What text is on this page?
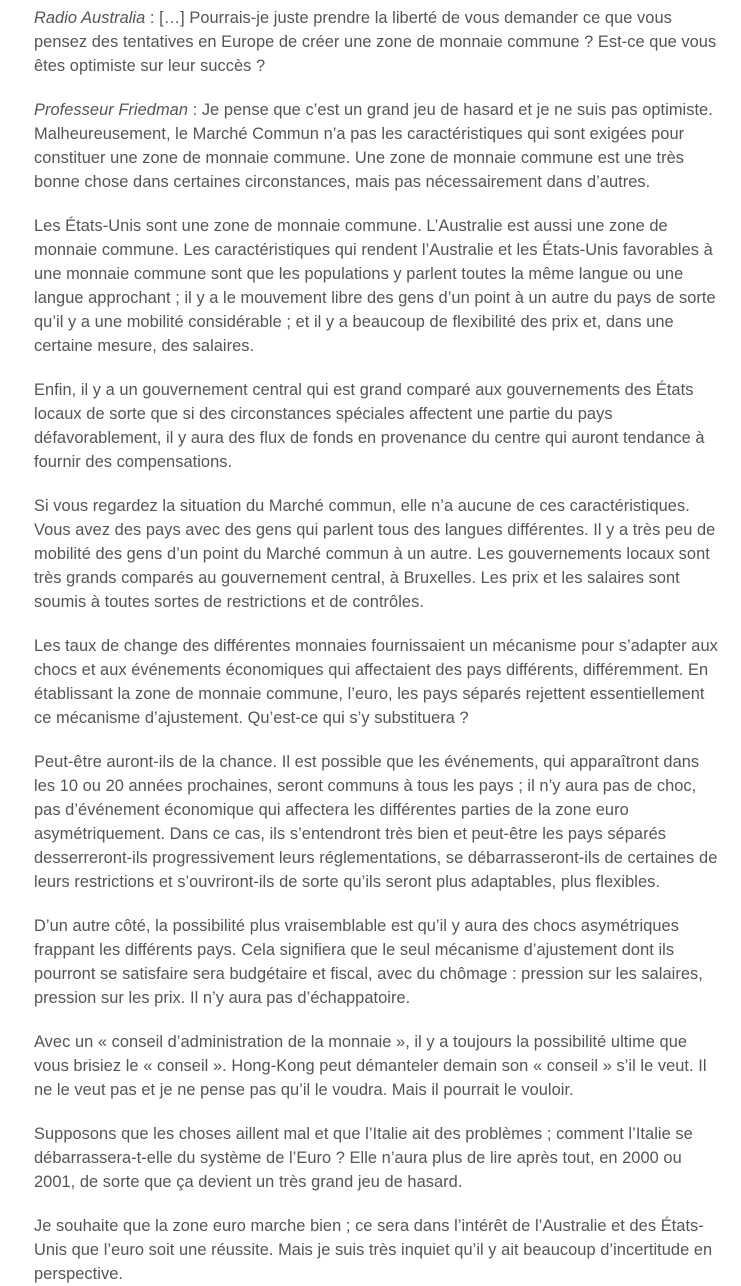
Radio Australia : […] Pourrais-je juste prendre la liberté de vous demander ce que vous pensez des tentatives en Europe de créer une zone de monnaie commune ? Est-ce que vous êtes optimiste sur leur succès ?

Professeur Friedman : Je pense que c’est un grand jeu de hasard et je ne suis pas optimiste. Malheureusement, le Marché Commun n’a pas les caractéristiques qui sont exigées pour constituer une zone de monnaie commune. Une zone de monnaie commune est une très bonne chose dans certaines circonstances, mais pas nécessairement dans d’autres.

Les États-Unis sont une zone de monnaie commune. L’Australie est aussi une zone de monnaie commune. Les caractéristiques qui rendent l’Australie et les États-Unis favorables à une monnaie commune sont que les populations y parlent toutes la même langue ou une langue approchant ; il y a le mouvement libre des gens d’un point à un autre du pays de sorte qu’il y a une mobilité considérable ; et il y a beaucoup de flexibilité des prix et, dans une certaine mesure, des salaires.

Enfin, il y a un gouvernement central qui est grand comparé aux gouvernements des États locaux de sorte que si des circonstances spéciales affectent une partie du pays défavorablement, il y aura des flux de fonds en provenance du centre qui auront tendance à fournir des compensations.

Si vous regardez la situation du Marché commun, elle n’a aucune de ces caractéristiques. Vous avez des pays avec des gens qui parlent tous des langues différentes. Il y a très peu de mobilité des gens d’un point du Marché commun à un autre. Les gouvernements locaux sont très grands comparés au gouvernement central, à Bruxelles. Les prix et les salaires sont soumis à toutes sortes de restrictions et de contrôles.

Les taux de change des différentes monnaies fournissaient un mécanisme pour s’adapter aux chocs et aux événements économiques qui affectaient des pays différents, différemment. En établissant la zone de monnaie commune, l’euro, les pays séparés rejettent essentiellement ce mécanisme d’ajustement. Qu’est-ce qui s’y substituera ?

Peut-être auront-ils de la chance. Il est possible que les événements, qui apparaîtront dans les 10 ou 20 années prochaines, seront communs à tous les pays ; il n’y aura pas de choc, pas d’événement économique qui affectera les différentes parties de la zone euro asymétriquement. Dans ce cas, ils s’entendront très bien et peut-être les pays séparés desserreront-ils progressivement leurs réglementations, se débarrasseront-ils de certaines de leurs restrictions et s’ouvriront-ils de sorte qu’ils seront plus adaptables, plus flexibles.

D’un autre côté, la possibilité plus vraisemblable est qu’il y aura des chocs asymétriques frappant les différents pays. Cela signifiera que le seul mécanisme d’ajustement dont ils pourront se satisfaire sera budgétaire et fiscal, avec du chômage : pression sur les salaires, pression sur les prix. Il n’y aura pas d’échappatoire.

Avec un « conseil d’administration de la monnaie », il y a toujours la possibilité ultime que vous brisiez le « conseil ». Hong-Kong peut démanteler demain son « conseil » s’il le veut. Il ne le veut pas et je ne pense pas qu’il le voudra. Mais il pourrait le vouloir.

Supposons que les choses aillent mal et que l’Italie ait des problèmes ; comment l’Italie se débarrassera-t-elle du système de l’Euro ? Elle n’aura plus de lire après tout, en 2000 ou 2001, de sorte que ça devient un très grand jeu de hasard.

Je souhaite que la zone euro marche bien ; ce sera dans l’intérêt de l’Australie et des États-Unis que l’euro soit une réussite. Mais je suis très inquiet qu’il y ait beaucoup d’incertitude en perspective.
